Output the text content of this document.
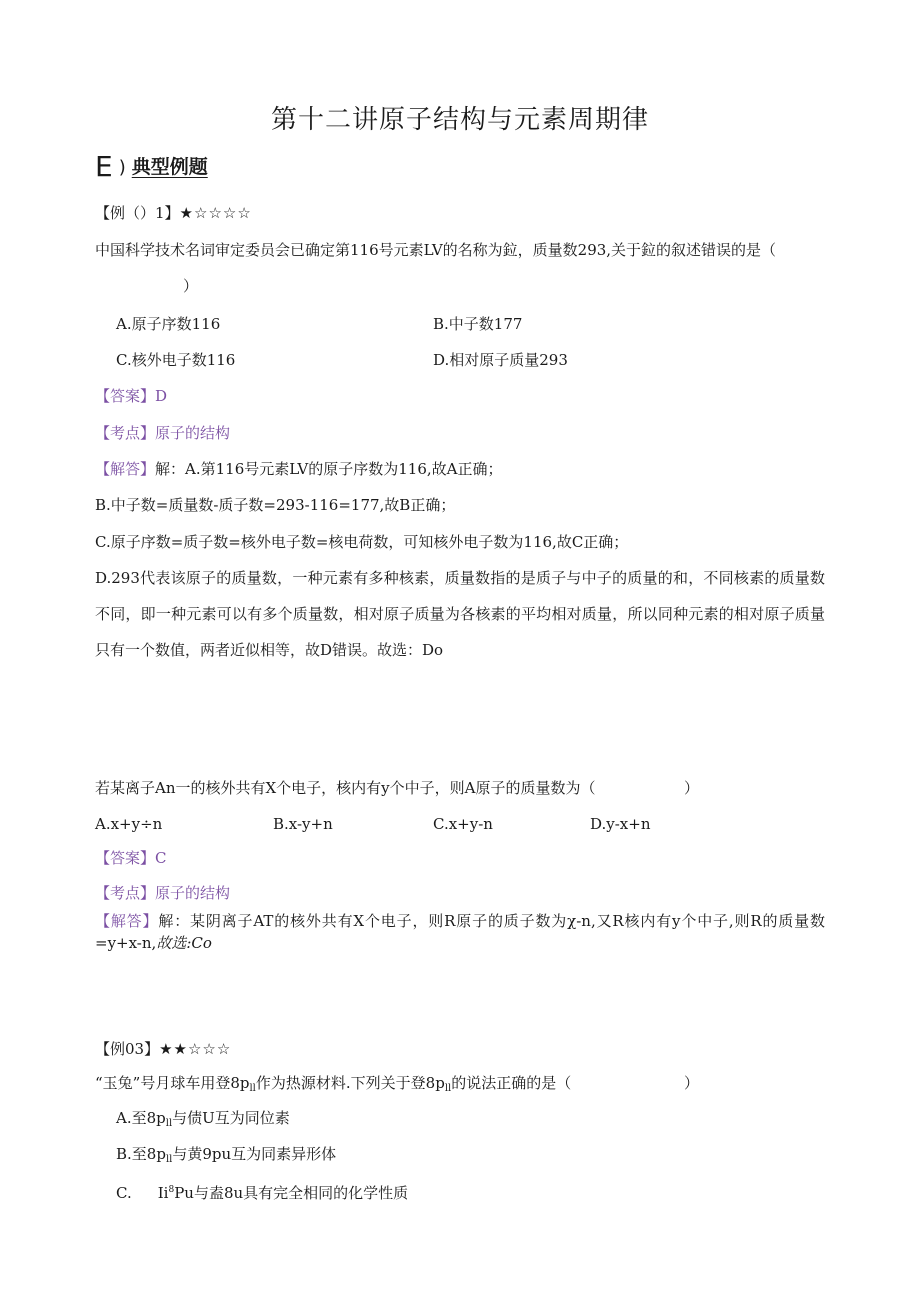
第十二讲原子结构与元素周期律
E ) 典型例题
【例（）1】★☆☆☆☆
中国科学技术名词审定委员会已确定第116号元素LV的名称为鉝，质量数293,关于鉝的叙述错误的是（
）
A.原子序数116	B.中子数177
C.核外电子数116	D.相对原子质量293
【答案】D
【考点】原子的结构
【解答】解：A.第116号元素LV的原子序数为116,故A正确；
B.中子数=质量数-质子数=293-116=177,故B正确；
C.原子序数=质子数=核外电子数=核电荷数，可知核外电子数为116,故C正确；
D.293代表该原子的质量数，一种元素有多种核素，质量数指的是质子与中子的质量的和，不同核素的质量数不同，即一种元素可以有多个质量数，相对原子质量为各核素的平均相对质量，所以同种元素的相对原子质量只有一个数值，两者近似相等，故D错误。故选：Do
若某离子An一的核外共有X个电子，核内有y个中子，则A原子的质量数为（	）
A.x+y÷n	B.x-y+n	C.x+y-n	D.y-x+n
【答案】C
【考点】原子的结构
【解答】解：某阴离子AT的核外共有X个电子，则R原子的质子数为χ-n,又R核内有y个中子,则R的质量数=y+x-n,故选:Co
【例03】★★☆☆☆
“玉兔”号月球车用登$8p_{ll}$作为热源材料.下列关于登$8p_{ll}$的说法正确的是（	）
A.至$8p_{ll}$与债U互为同位素
B.至$8p_{ll}$与黄9pu互为同素异形体
C. Ii$^8$Pu与盍8u具有完全相同的化学性质
